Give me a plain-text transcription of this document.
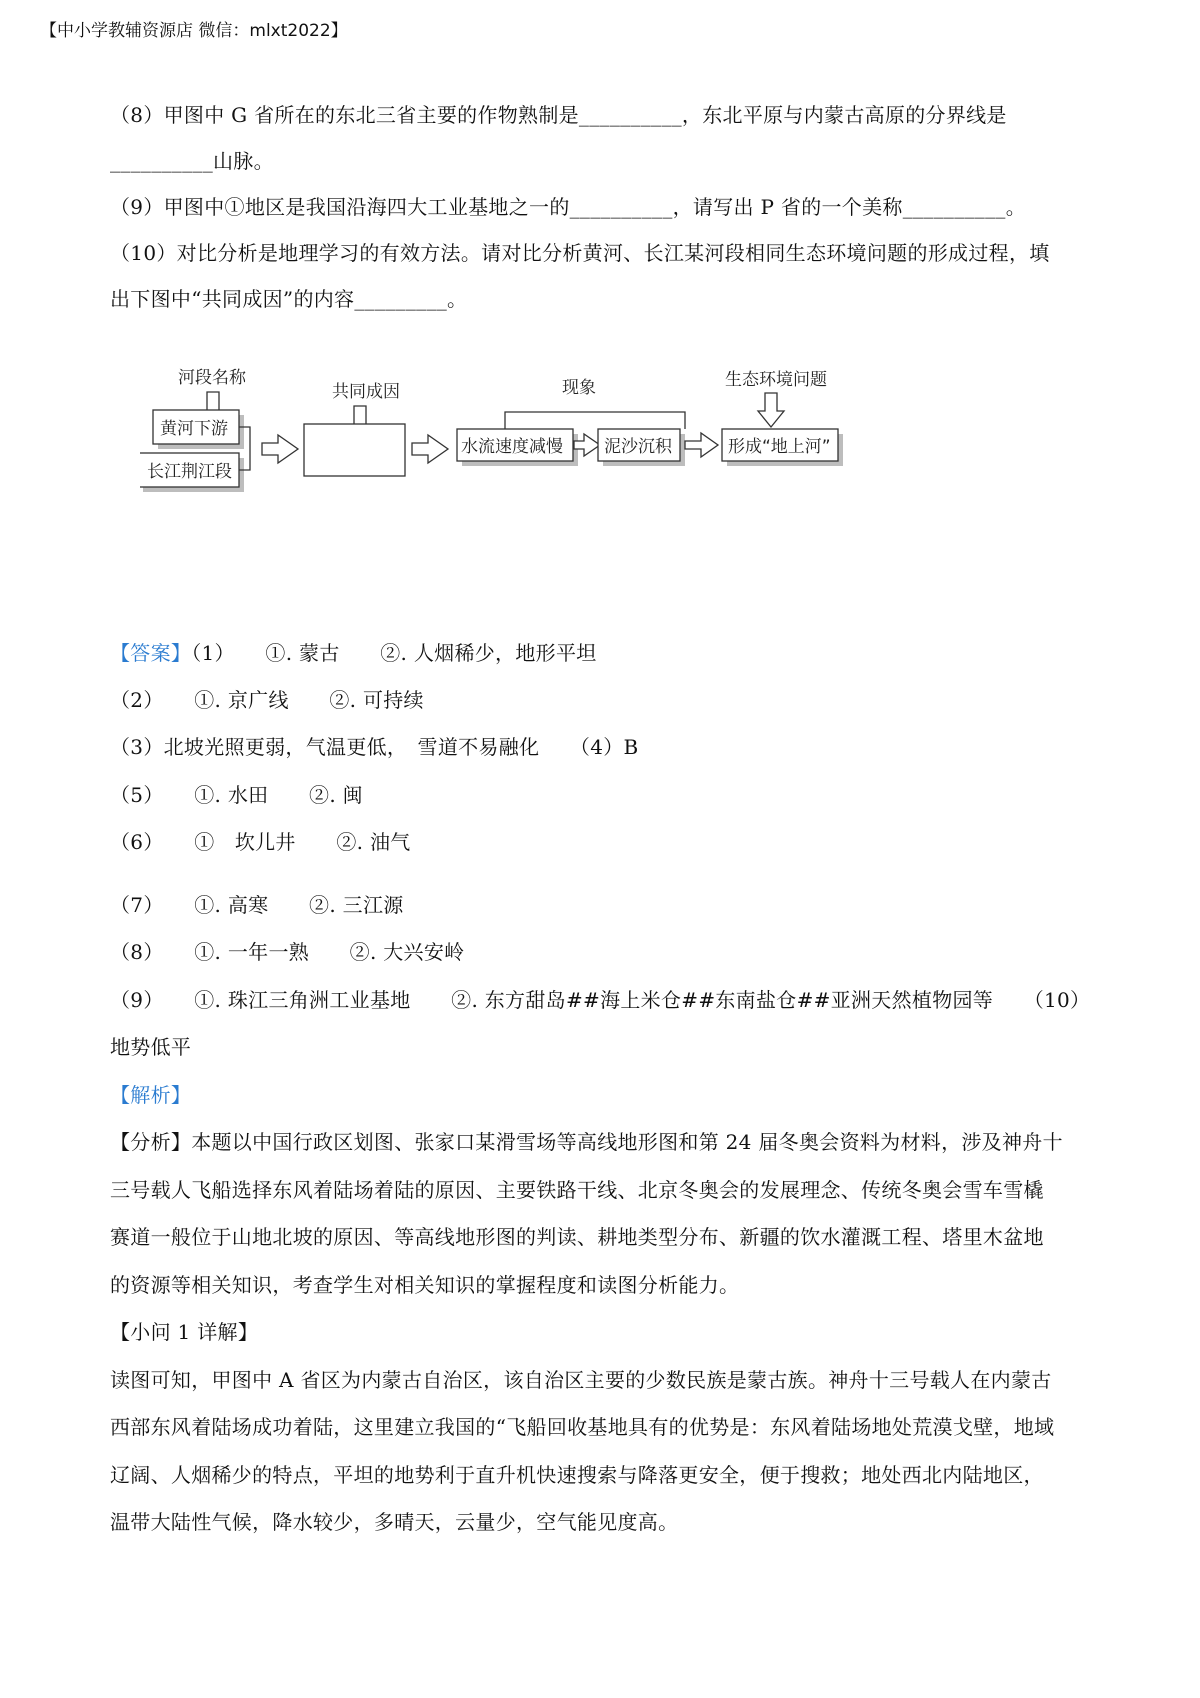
【中小学教辅资源店 微信：mlxt2022】
（8）甲图中 G 省所在的东北三省主要的作物熟制是__________，东北平原与内蒙古高原的分界线是
__________山脉。
（9）甲图中①地区是我国沿海四大工业基地之一的__________，请写出 P 省的一个美称__________。
（10）对比分析是地理学习的有效方法。请对比分析黄河、长江某河段相同生态环境问题的形成过程，填
出下图中“共同成因”的内容_________。
河段名称
黄河下游
长江荆江段
共同成因	现象
水流速度减慢 泥沙沉积
生态环境问题
形成“地上河”
【答案】（1）　　①. 蒙古　　②. 人烟稀少，地形平坦
（2）　　①. 京广线　　②. 可持续
（3）北坡光照更弱，气温更低，　雪道不易融化　　（4）B
（5）　　①. 水田　　②. 闽
（6）　　①　坎儿井　　②. 油气
（7）　　①. 高寒　　②. 三江源
（8）　　①. 一年一熟　　②. 大兴安岭
（9）　　①. 珠江三角洲工业基地　　②. 东方甜岛##海上米仓##东南盐仓##亚洲天然植物园等　　（10）
地势低平
【解析】
【分析】本题以中国行政区划图、张家口某滑雪场等高线地形图和第 24 届冬奥会资料为材料，涉及神舟十
三号载人飞船选择东风着陆场着陆的原因、主要铁路干线、北京冬奥会的发展理念、传统冬奥会雪车雪橇
赛道一般位于山地北坡的原因、等高线地形图的判读、耕地类型分布、新疆的饮水灌溉工程、塔里木盆地
的资源等相关知识，考查学生对相关知识的掌握程度和读图分析能力。
【小问 1 详解】
读图可知，甲图中 A 省区为内蒙古自治区，该自治区主要的少数民族是蒙古族。神舟十三号载人在内蒙古
西部东风着陆场成功着陆，这里建立我国的“飞船回收基地具有的优势是：东风着陆场地处荒漠戈壁，地域
辽阔、人烟稀少的特点，平坦的地势利于直升机快速搜索与降落更安全，便于搜救；地处西北内陆地区，
温带大陆性气候，降水较少，多晴天，云量少，空气能见度高。
